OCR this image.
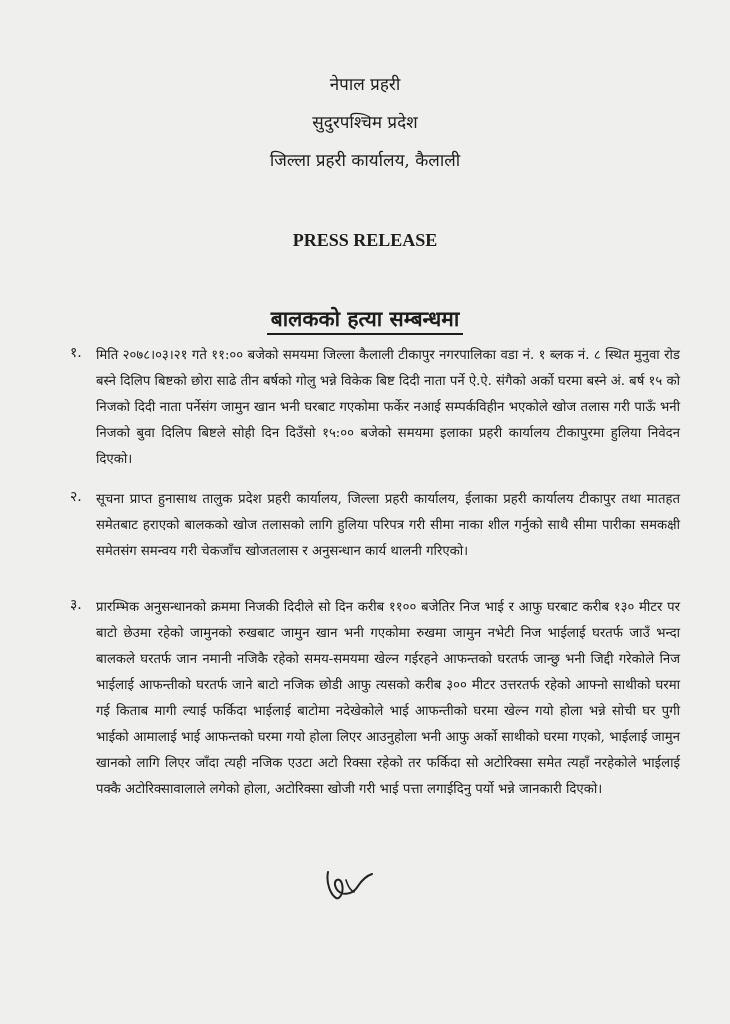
नेपाल प्रहरी
सुदुरपश्चिम प्रदेश
जिल्ला प्रहरी कार्यालय, कैलाली
PRESS RELEASE
बालकको हत्या सम्बन्धमा
१. मिति २०७८।०३।२१ गते ११:०० बजेको समयमा जिल्ला कैलाली टीकापुर नगरपालिका वडा नं. १ ब्लक नं. ८ स्थित मुनुवा रोड बस्ने दिलिप बिष्टको छोरा साढे तीन बर्षको गोलु भन्ने विकेक बिष्ट दिदी नाता पर्ने ऐ.ऐ. संगैको अर्को घरमा बस्ने अं. बर्ष १५ को निजको दिदी नाता पर्नेसंग जामुन खान भनी घरबाट गएकोमा फर्केर नआई सम्पर्कविहीन भएकोले खोज तलास गरी पाऊँ भनी निजको बुवा दिलिप बिष्टले सोही दिन दिउँसो १५:०० बजेको समयमा इलाका प्रहरी कार्यालय टीकापुरमा हुलिया निवेदन दिएको।
२. सूचना प्राप्त हुनासाथ तालुक प्रदेश प्रहरी कार्यालय, जिल्ला प्रहरी कार्यालय, ईलाका प्रहरी कार्यालय टीकापुर तथा मातहत समेतबाट हराएको बालकको खोज तलासको लागि हुलिया परिपत्र गरी सीमा नाका शील गर्नुको साथै सीमा पारीका समकक्षी समेतसंग समन्वय गरी चेकजाँच खोजतलास र अनुसन्धान कार्य थालनी गरिएको।
३. प्रारम्भिक अनुसन्धानको क्रममा निजकी दिदीले सो दिन करीब ११०० बजेतिर निज भाई र आफु घरबाट करीब १३० मीटर पर बाटो छेउमा रहेको जामुनको रुखबाट जामुन खान भनी गएकोमा रुखमा जामुन नभेटी निज भाईलाई घरतर्फ जाउँ भन्दा बालकले घरतर्फ जान नमानी नजिकै रहेको समय-समयमा खेल्न गईरहने आफन्तको घरतर्फ जान्छु भनी जिद्दी गरेकोले निज भाईलाई आफन्तीको घरतर्फ जाने बाटो नजिक छोडी आफु त्यसको करीब ३०० मीटर उत्तरतर्फ रहेको आफ्नो साथीको घरमा गई किताब मागी ल्याई फर्किदा भाईलाई बाटोमा नदेखेकोले भाई आफन्तीको घरमा खेल्न गयो होला भन्ने सोची घर पुगी भाईको आमालाई भाई आफन्तको घरमा गयो होला लिएर आउनुहोला भनी आफु अर्को साथीको घरमा गएको, भाईलाई जामुन खानको लागि लिएर जाँदा त्यही नजिक एउटा अटो रिक्सा रहेको तर फर्किदा सो अटोरिक्सा समेत त्यहाँ नरहेकोले भाईलाई पक्कै अटोरिक्सावालाले लगेको होला, अटोरिक्सा खोजी गरी भाई पत्ता लगाईदिनु पर्यो भन्ने जानकारी दिएको।
